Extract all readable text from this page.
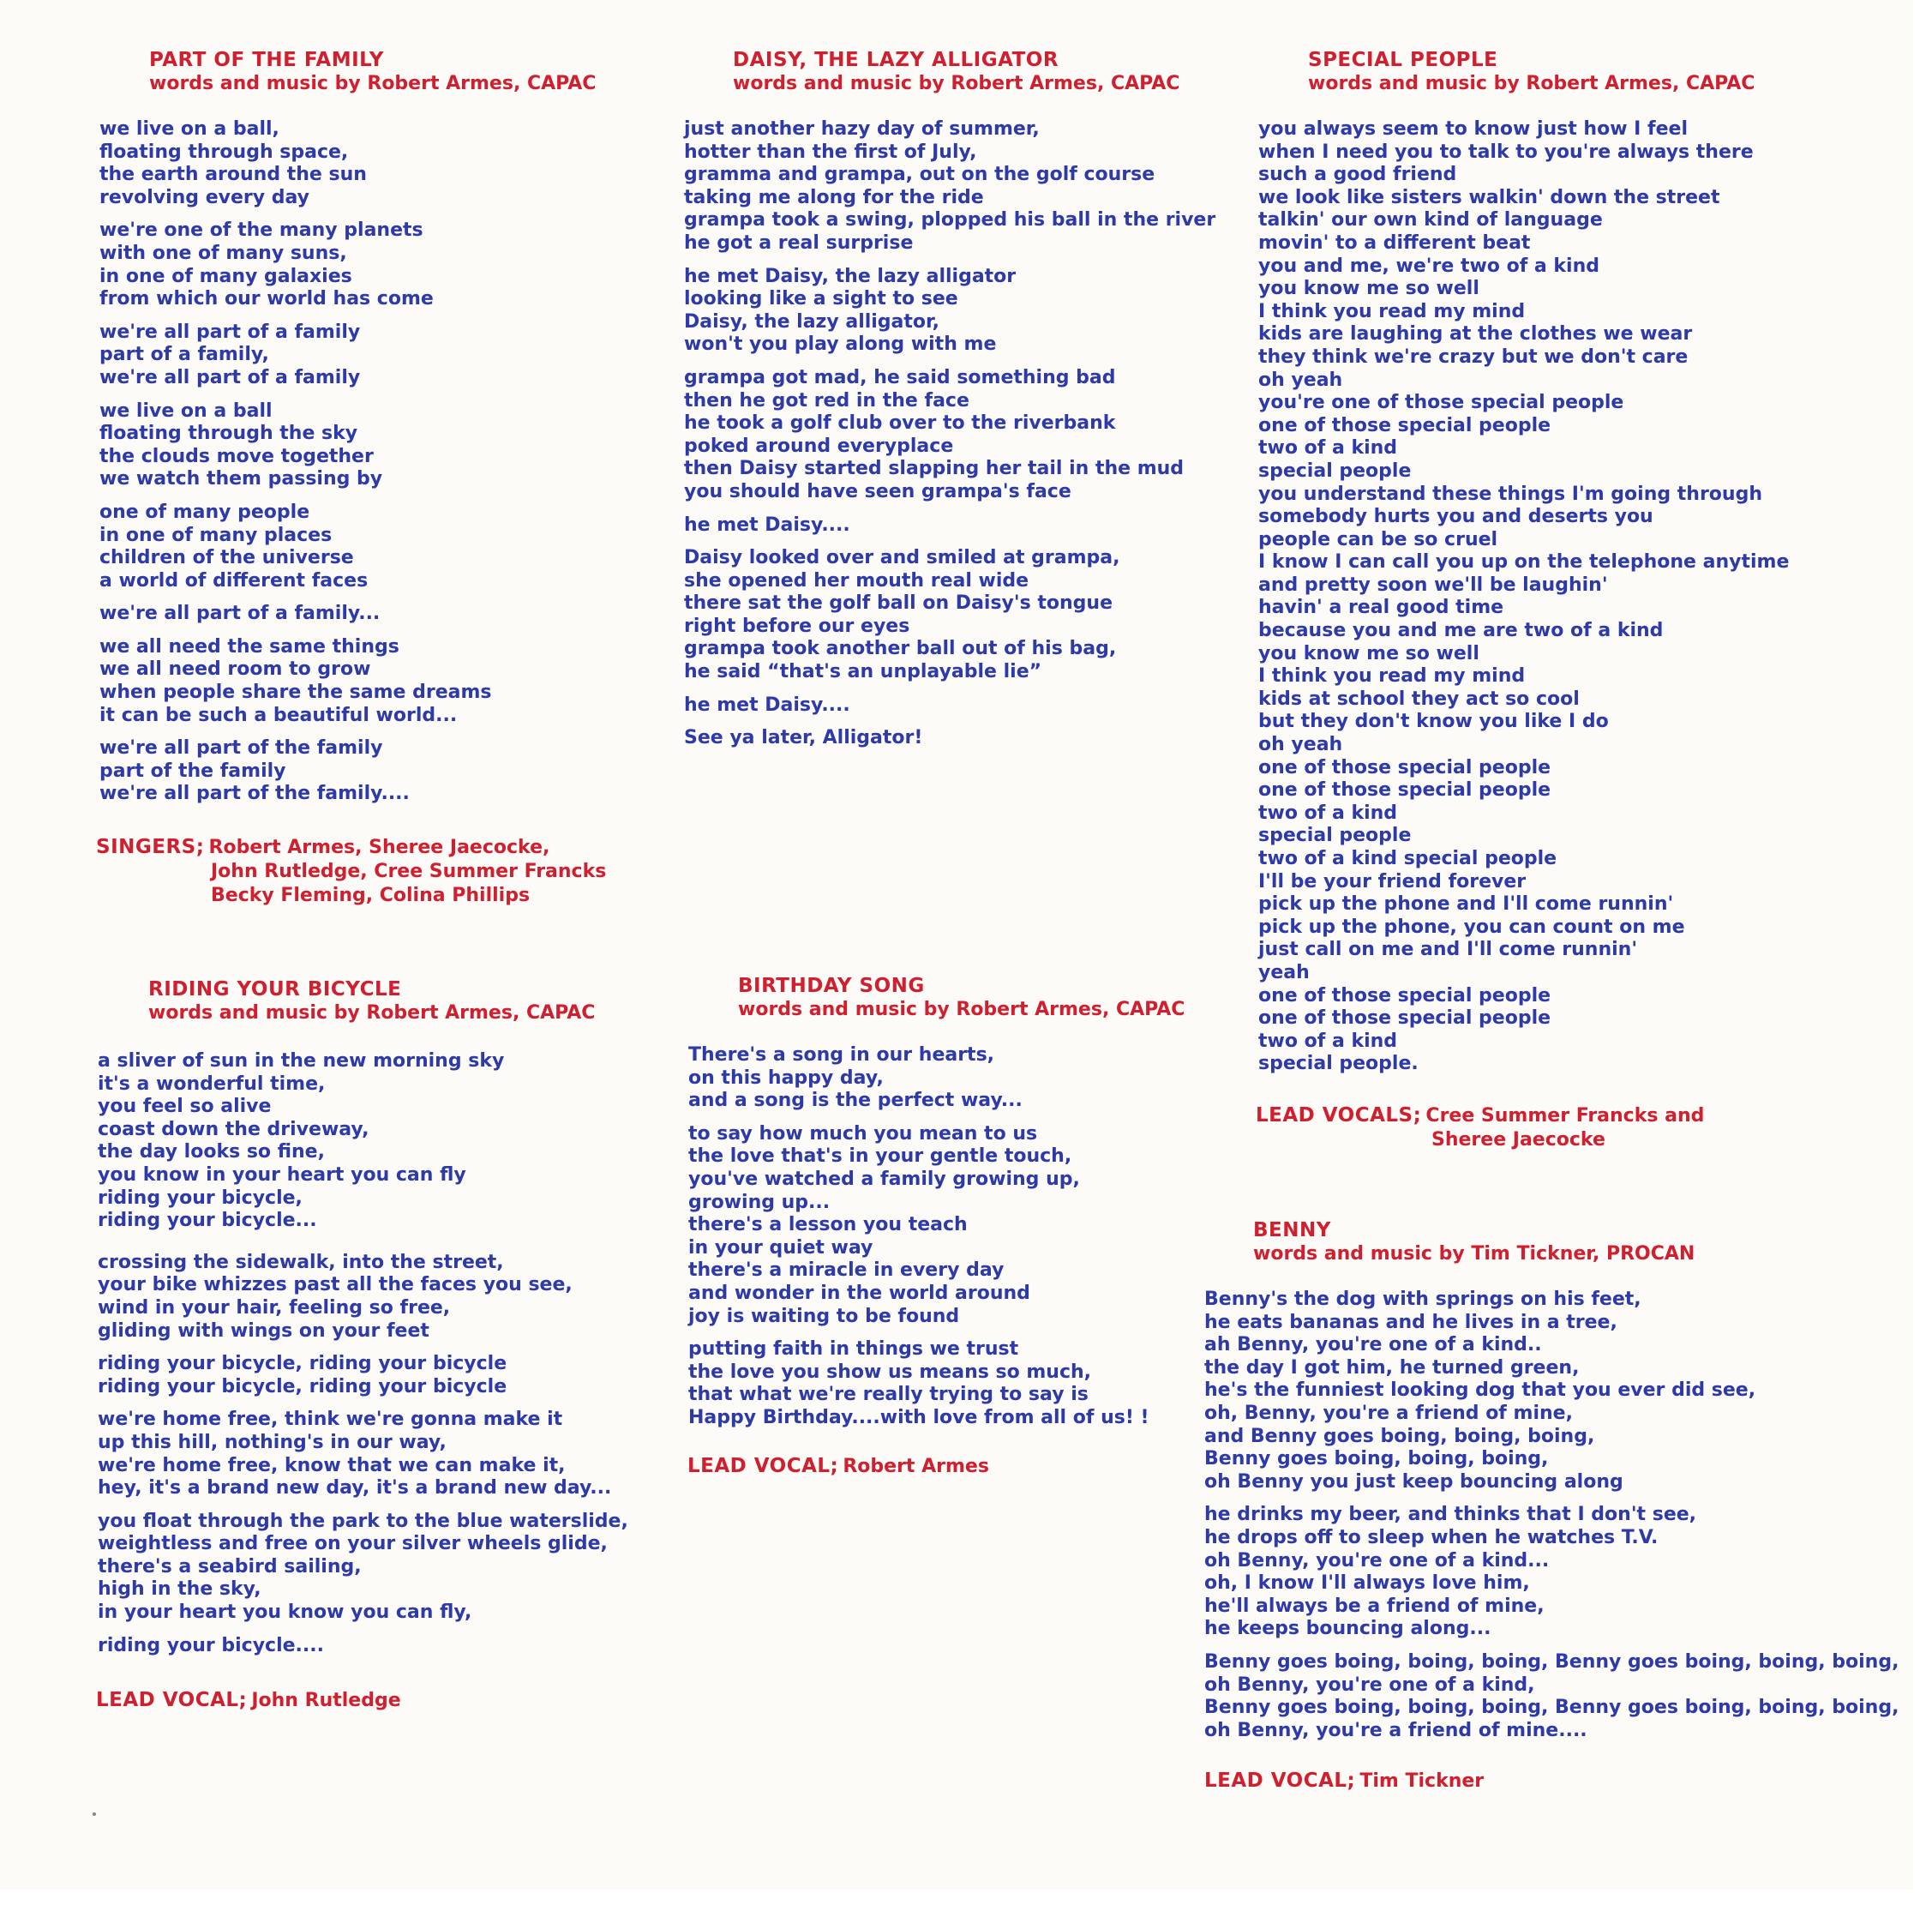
PART OF THE FAMILY

words and music by Robert Armes, CAPAC

we live on a ball,
floating through space,
the earth around the sun
revolving every day
we're one of the many planets
with one of many suns,
in one of many galaxies
from which our world has come
we're all part of a family
part of a family,
we're all part of a family
we live on a ball
floating through the sky
the clouds move together
we watch them passing by
one of many people
in one of many places
children of the universe
a world of different faces
we're all part of a family...
we all need the same things
we all need room to grow
when people share the same dreams
it can be such a beautiful world...
we're all part of the family
part of the family
we're all part of the family....
SINGERS; Robert Armes, Sheree Jaecocke,
John Rutledge, Cree Summer Francks
Becky Fleming, Colina Phillips

DAISY, THE LAZY ALLIGATOR

words and music by Robert Armes, CAPAC

just another hazy day of summer,
hotter than the first of July,
gramma and grampa, out on the golf course
taking me along for the ride
grampa took a swing, plopped his ball in the river
he got a real surprise
he met Daisy, the lazy alligator
looking like a sight to see
Daisy, the lazy alligator,
won't you play along with me
grampa got mad, he said something bad
then he got red in the face
he took a golf club over to the riverbank
poked around everyplace
then Daisy started slapping her tail in the mud
you should have seen grampa's face
he met Daisy....
Daisy looked over and smiled at grampa,
she opened her mouth real wide
there sat the golf ball on Daisy's tongue
right before our eyes
grampa took another ball out of his bag,
he said “that's an unplayable lie”
he met Daisy....
See ya later, Alligator!

SPECIAL PEOPLE

words and music by Robert Armes, CAPAC

you always seem to know just how I feel
when I need you to talk to you're always there
such a good friend
we look like sisters walkin' down the street
talkin' our own kind of language
movin' to a different beat
you and me, we're two of a kind
you know me so well
I think you read my mind
kids are laughing at the clothes we wear
they think we're crazy but we don't care
oh yeah
you're one of those special people
one of those special people
two of a kind
special people
you understand these things I'm going through
somebody hurts you and deserts you
people can be so cruel
I know I can call you up on the telephone anytime
and pretty soon we'll be laughin'
havin' a real good time
because you and me are two of a kind
you know me so well
I think you read my mind
kids at school they act so cool
but they don't know you like I do
oh yeah
one of those special people
one of those special people
two of a kind
special people
two of a kind special people
I'll be your friend forever
pick up the phone and I'll come runnin'
pick up the phone, you can count on me
just call on me and I'll come runnin'
yeah
one of those special people
one of those special people
two of a kind
special people.
LEAD VOCALS; Cree Summer Francks and
Sheree Jaecocke

RIDING YOUR BICYCLE

words and music by Robert Armes, CAPAC

a sliver of sun in the new morning sky
it's a wonderful time,
you feel so alive
coast down the driveway,
the day looks so fine,
you know in your heart you can fly
riding your bicycle,
riding your bicycle...
crossing the sidewalk, into the street,
your bike whizzes past all the faces you see,
wind in your hair, feeling so free,
gliding with wings on your feet
riding your bicycle, riding your bicycle
riding your bicycle, riding your bicycle
we're home free, think we're gonna make it
up this hill, nothing's in our way,
we're home free, know that we can make it,
hey, it's a brand new day, it's a brand new day...
you float through the park to the blue waterslide,
weightless and free on your silver wheels glide,
there's a seabird sailing,
high in the sky,
in your heart you know you can fly,
riding your bicycle....
LEAD VOCAL; John Rutledge

BIRTHDAY SONG

words and music by Robert Armes, CAPAC

There's a song in our hearts,
on this happy day,
and a song is the perfect way...
to say how much you mean to us
the love that's in your gentle touch,
you've watched a family growing up,
growing up...
there's a lesson you teach
in your quiet way
there's a miracle in every day
and wonder in the world around
joy is waiting to be found
putting faith in things we trust
the love you show us means so much,
that what we're really trying to say is
Happy Birthday....with love from all of us! !
LEAD VOCAL; Robert Armes

BENNY

words and music by Tim Tickner, PROCAN

Benny's the dog with springs on his feet,
he eats bananas and he lives in a tree,
ah Benny, you're one of a kind..
the day I got him, he turned green,
he's the funniest looking dog that you ever did see,
oh, Benny, you're a friend of mine,
and Benny goes boing, boing, boing,
Benny goes boing, boing, boing,
oh Benny you just keep bouncing along
he drinks my beer, and thinks that I don't see,
he drops off to sleep when he watches T.V.
oh Benny, you're one of a kind...
oh, I know I'll always love him,
he'll always be a friend of mine,
he keeps bouncing along...
Benny goes boing, boing, boing, Benny goes boing, boing, boing,
oh Benny, you're one of a kind,
Benny goes boing, boing, boing, Benny goes boing, boing, boing,
oh Benny, you're a friend of mine....
LEAD VOCAL; Tim Tickner
